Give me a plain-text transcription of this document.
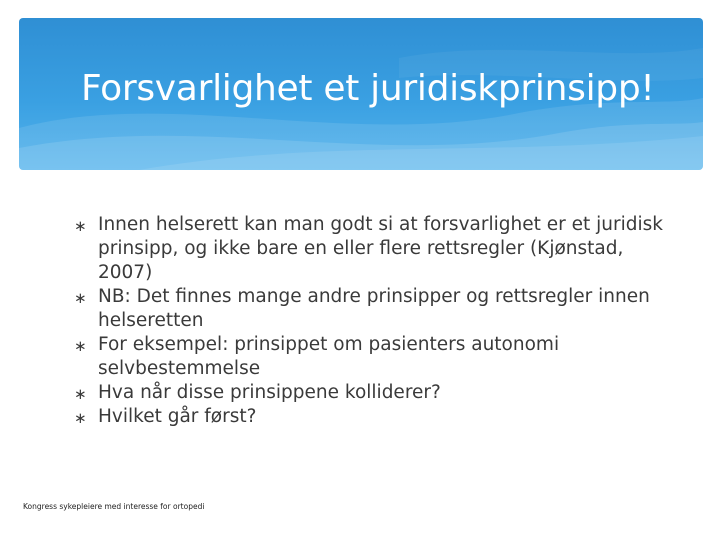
Forsvarlighet et juridiskprinsipp!
∗ Innen helserett kan man godt si at forsvarlighet er et juridisk prinsipp, og ikke bare en eller flere rettsregler (Kjønstad, 2007)
∗ NB: Det finnes mange andre prinsipper og rettsregler innen helseretten
∗ For eksempel: prinsippet om pasienters autonomi selvbestemmelse
∗ Hva når disse prinsippene kolliderer?
∗ Hvilket går først?
Kongress sykepleiere med interesse for ortopedi
